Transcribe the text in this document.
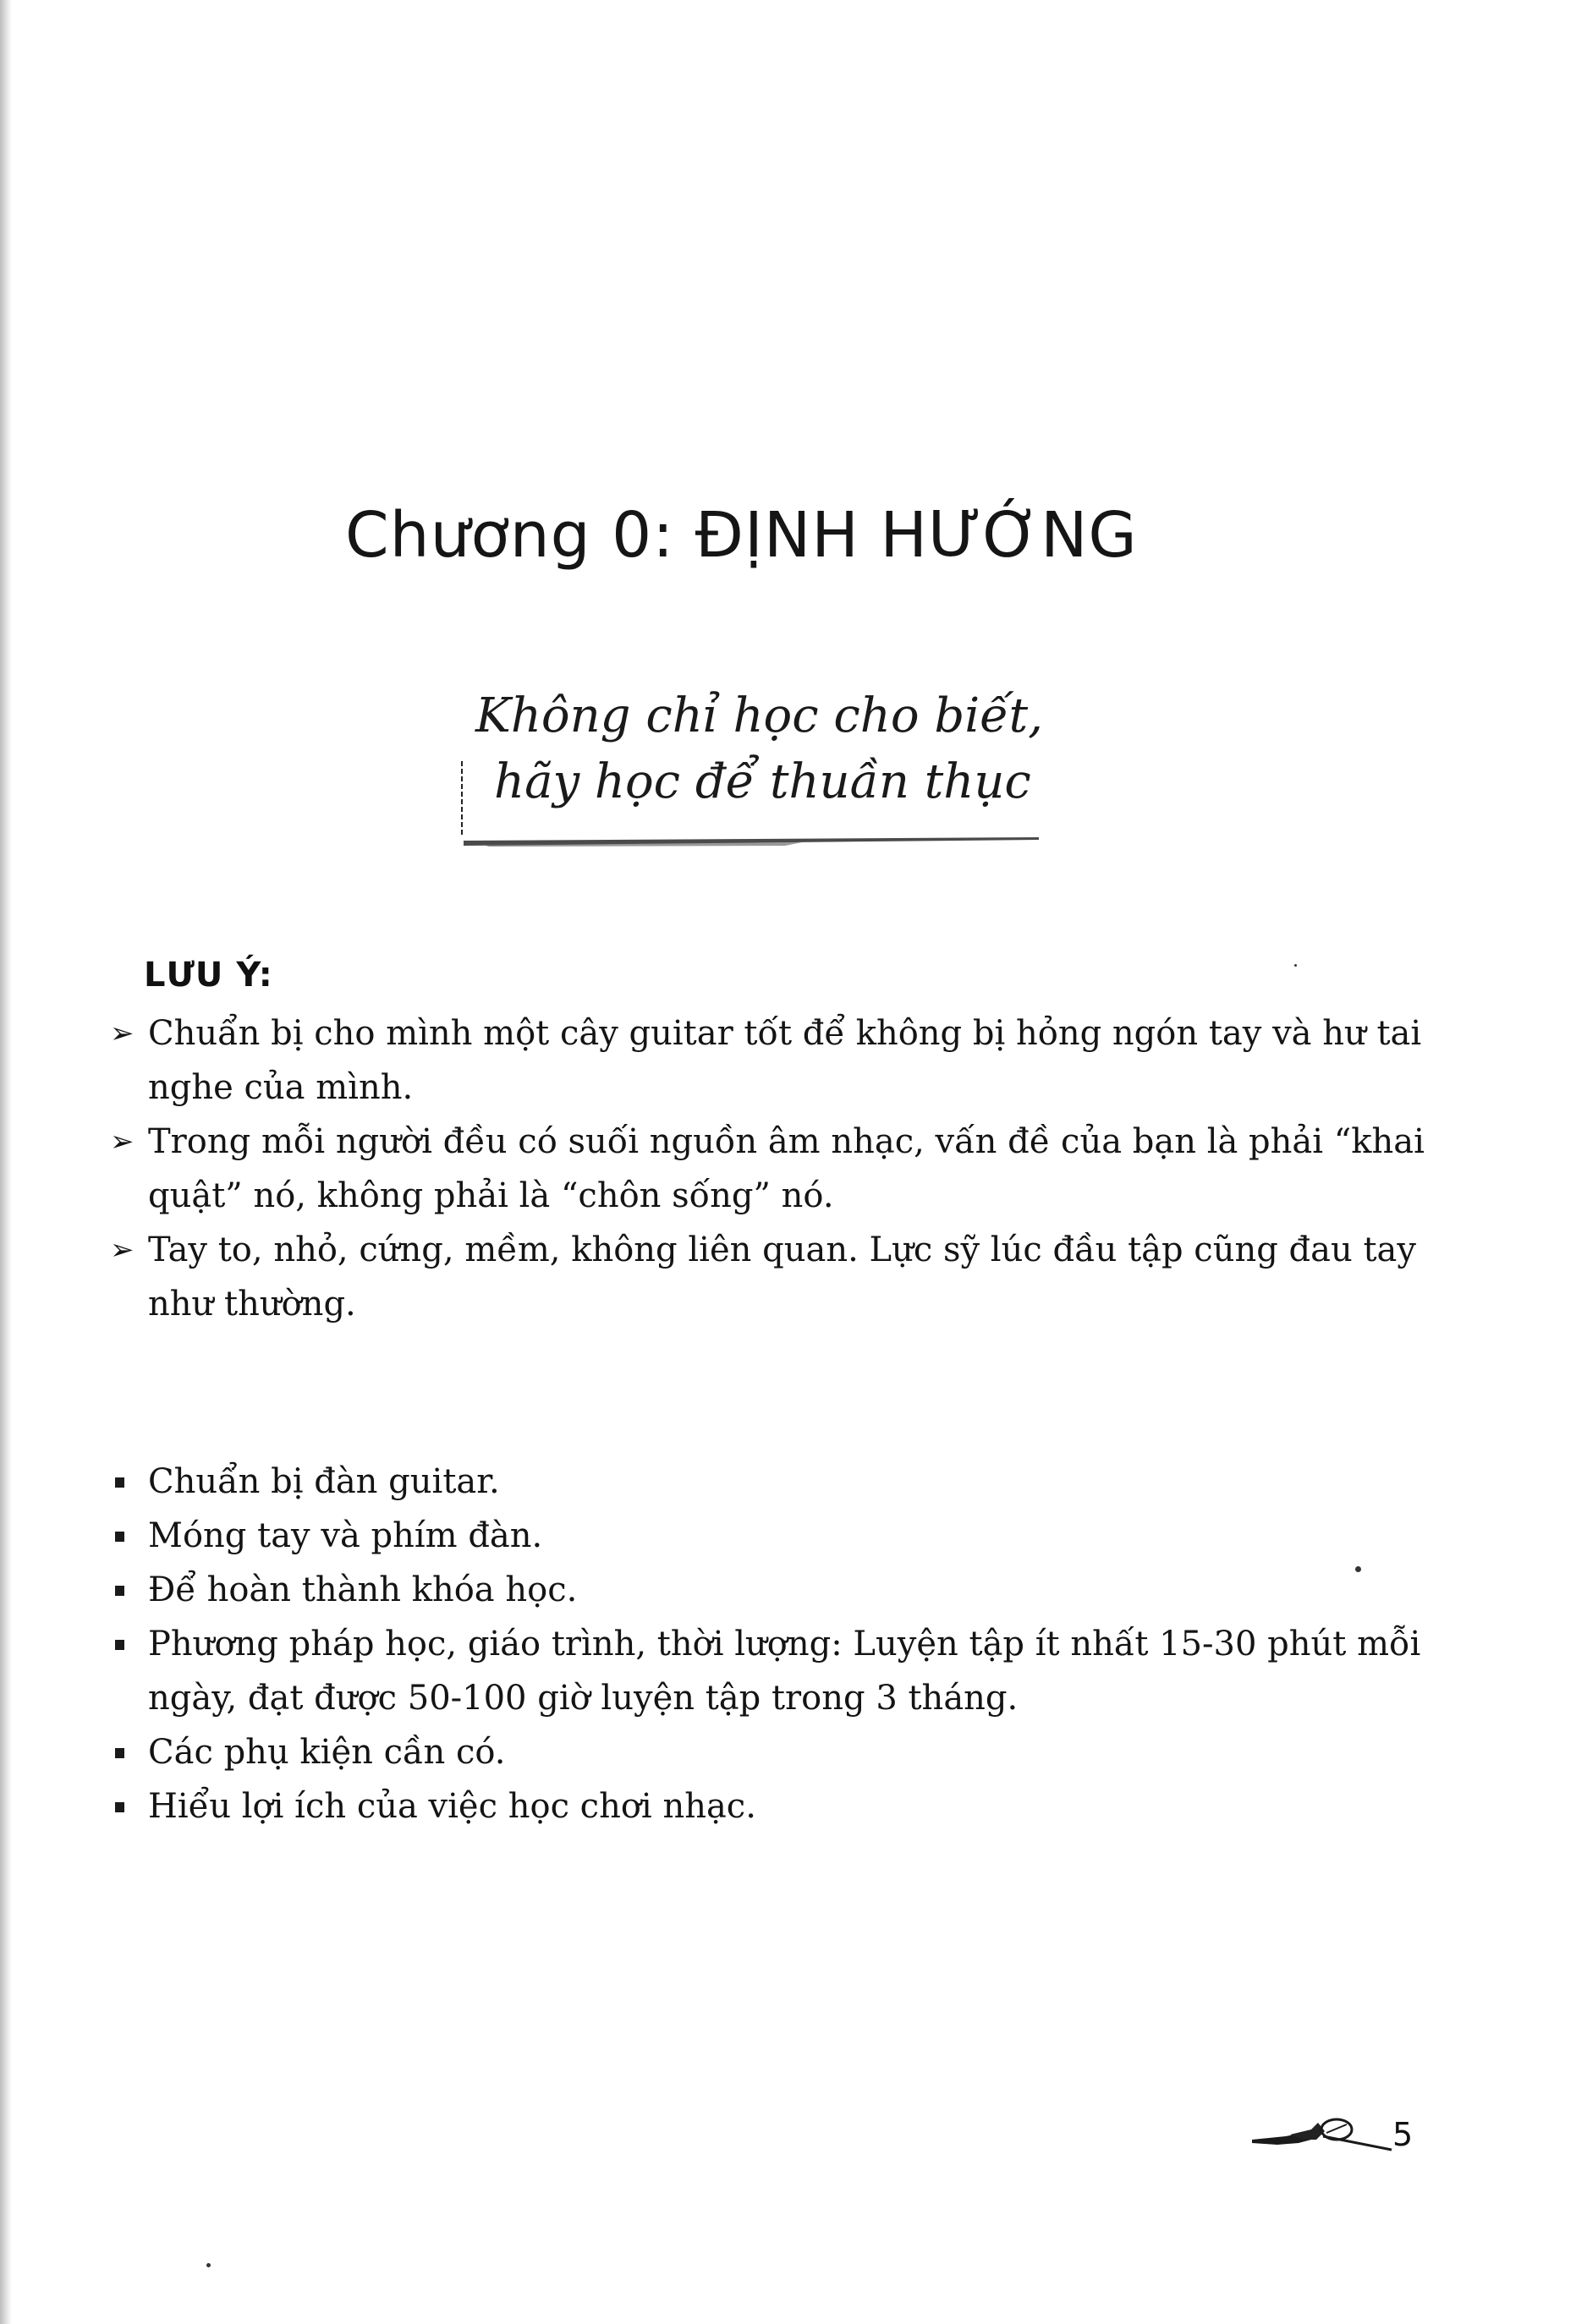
Chương 0: ĐỊNH HƯỚNG
Không chỉ học cho biết,
hãy học để thuần thục
LƯU Ý:
➢ Chuẩn bị cho mình một cây guitar tốt để không bị hỏng ngón tay và hư tai nghe của mình.
➢ Trong mỗi người đều có suối nguồn âm nhạc, vấn đề của bạn là phải “khai quật” nó, không phải là “chôn sống” nó.
➢ Tay to, nhỏ, cứng, mềm, không liên quan. Lực sỹ lúc đầu tập cũng đau tay như thường.
Chuẩn bị đàn guitar.
Móng tay và phím đàn.
Để hoàn thành khóa học.
Phương pháp học, giáo trình, thời lượng: Luyện tập ít nhất 15-30 phút mỗi ngày, đạt được 50-100 giờ luyện tập trong 3 tháng.
Các phụ kiện cần có.
Hiểu lợi ích của việc học chơi nhạc.
5
